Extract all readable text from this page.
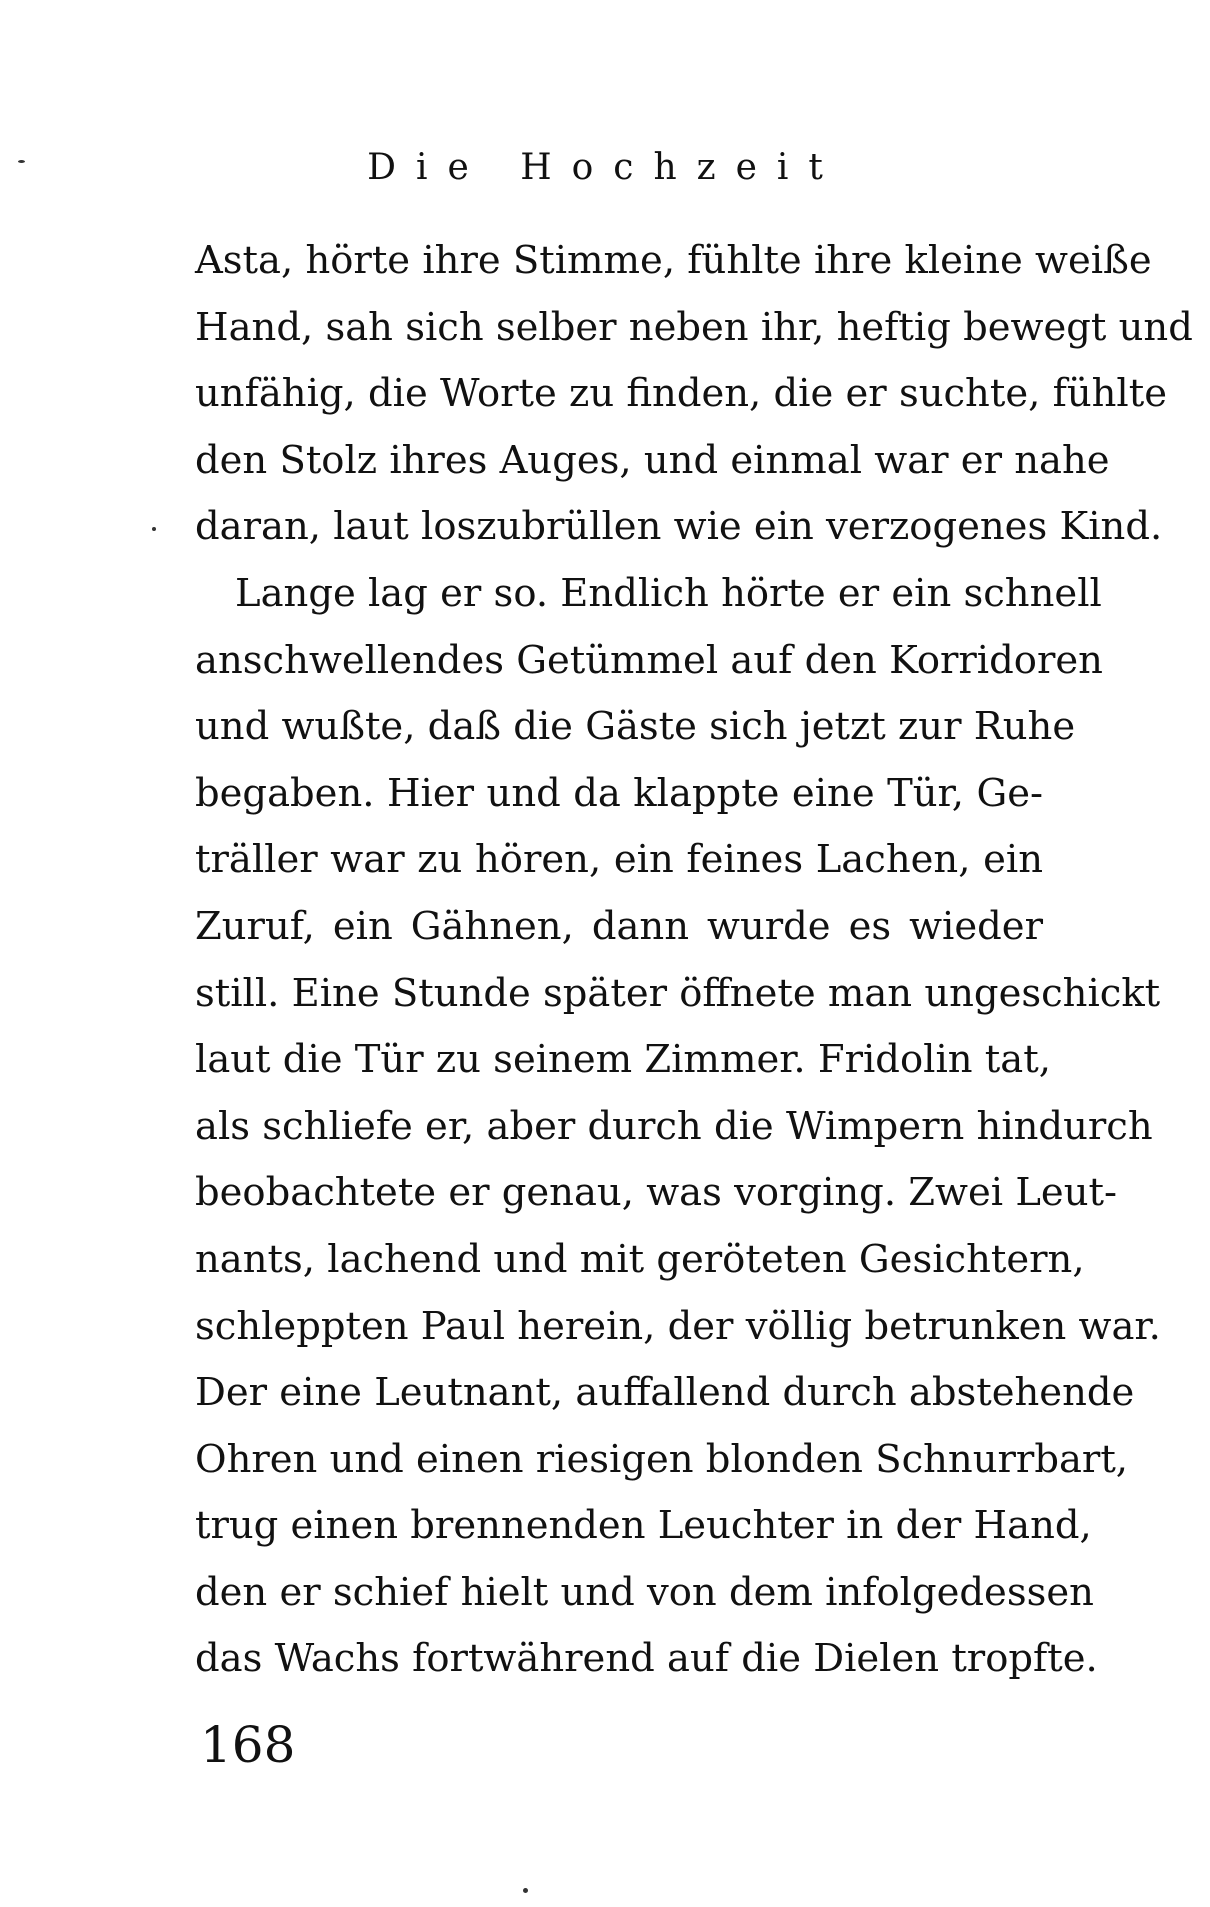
Die Hochzeit
Asta, hörte ihre Stimme, fühlte ihre kleine weiße
Hand, sah sich selber neben ihr, heftig bewegt und
unfähig, die Worte zu finden, die er suchte, fühlte
den Stolz ihres Auges, und einmal war er nahe
daran, laut loszubrüllen wie ein verzogenes Kind.
Lange lag er so. Endlich hörte er ein schnell
anschwellendes Getümmel auf den Korridoren
und wußte, daß die Gäste sich jetzt zur Ruhe
begaben. Hier und da klappte eine Tür, Ge-
träller war zu hören, ein feines Lachen, ein
Zuruf, ein Gähnen, dann wurde es wieder
still. Eine Stunde später öffnete man ungeschickt
laut die Tür zu seinem Zimmer. Fridolin tat,
als schliefe er, aber durch die Wimpern hindurch
beobachtete er genau, was vorging. Zwei Leut-
nants, lachend und mit geröteten Gesichtern,
schleppten Paul herein, der völlig betrunken war.
Der eine Leutnant, auffallend durch abstehende
Ohren und einen riesigen blonden Schnurrbart,
trug einen brennenden Leuchter in der Hand,
den er schief hielt und von dem infolgedessen
das Wachs fortwährend auf die Dielen tropfte.
168
